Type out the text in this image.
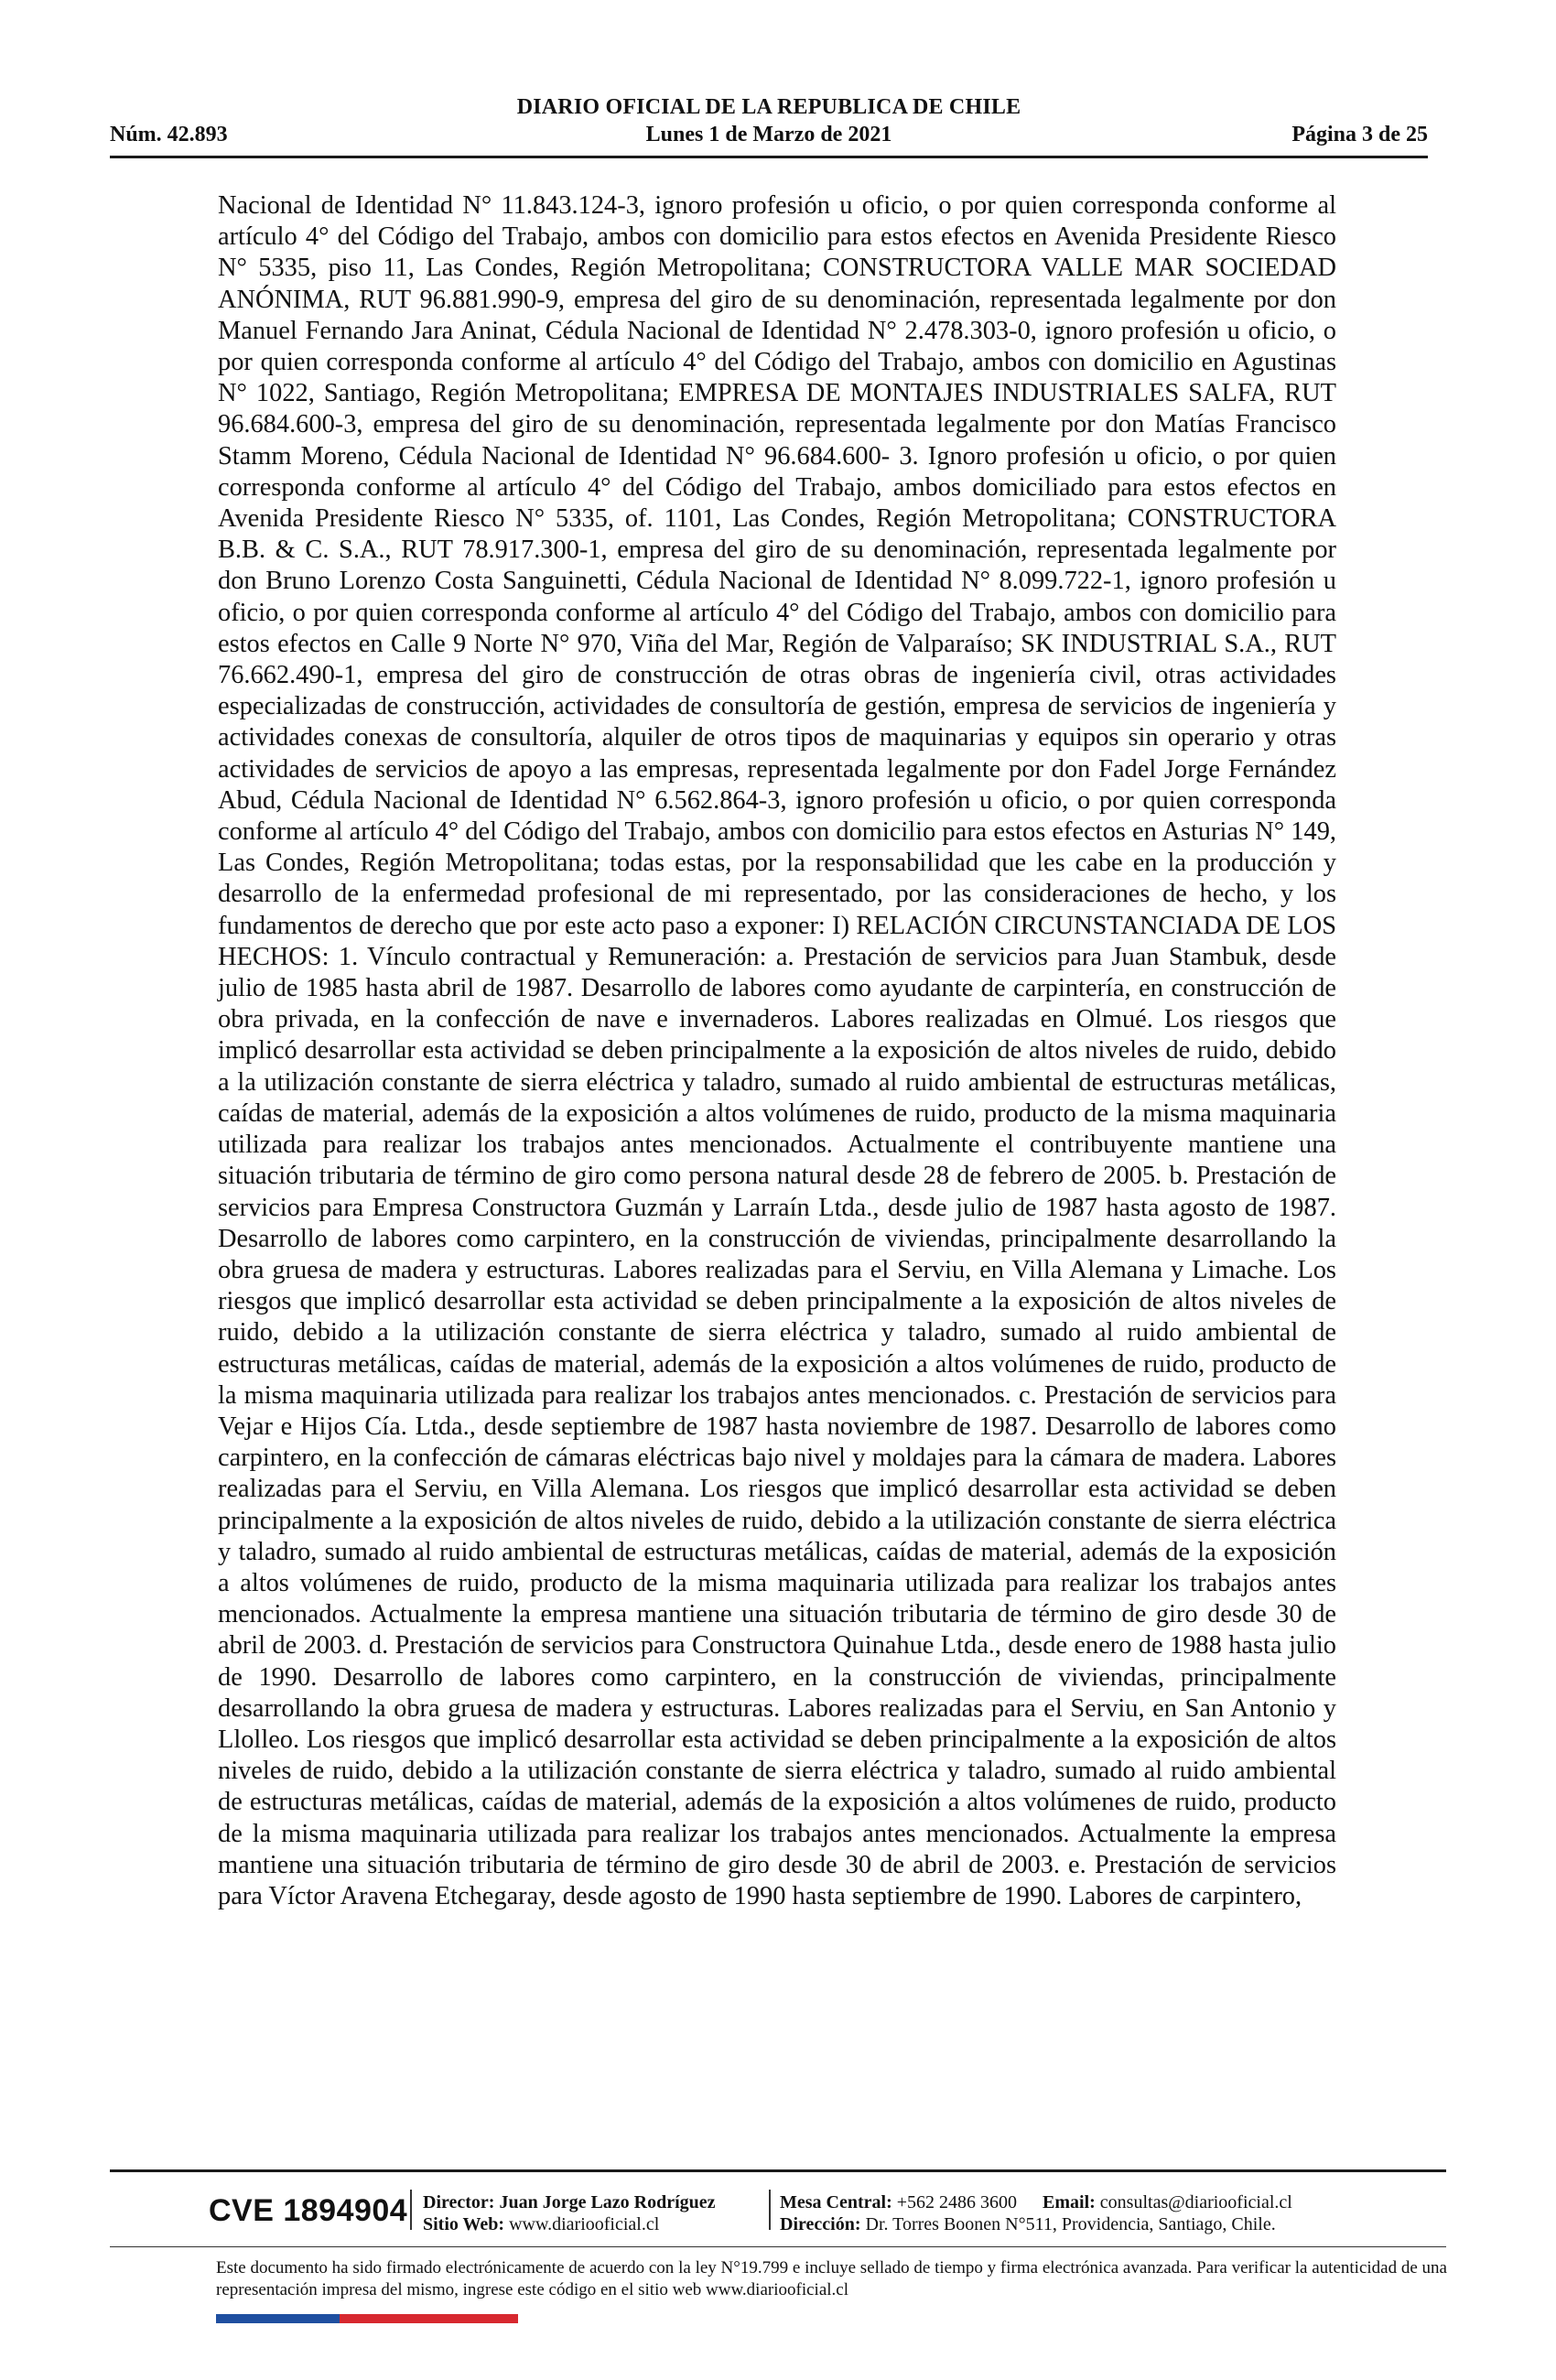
DIARIO OFICIAL DE LA REPUBLICA DE CHILE
Núm. 42.893	Lunes 1 de Marzo de 2021	Página 3 de 25

Nacional de Identidad N° 11.843.124-3, ignoro profesión u oficio, o por quien corresponda conforme al artículo 4° del Código del Trabajo, ambos con domicilio para estos efectos en Avenida Presidente Riesco N° 5335, piso 11, Las Condes, Región Metropolitana; CONSTRUCTORA VALLE MAR SOCIEDAD ANÓNIMA, RUT 96.881.990-9, empresa del giro de su denominación, representada legalmente por don Manuel Fernando Jara Aninat, Cédula Nacional de Identidad N° 2.478.303-0, ignoro profesión u oficio, o por quien corresponda conforme al artículo 4° del Código del Trabajo, ambos con domicilio en Agustinas N° 1022, Santiago, Región Metropolitana; EMPRESA DE MONTAJES INDUSTRIALES SALFA, RUT 96.684.600-3, empresa del giro de su denominación, representada legalmente por don Matías Francisco Stamm Moreno, Cédula Nacional de Identidad N° 96.684.600- 3. Ignoro profesión u oficio, o por quien corresponda conforme al artículo 4° del Código del Trabajo, ambos domiciliado para estos efectos en Avenida Presidente Riesco N° 5335, of. 1101, Las Condes, Región Metropolitana; CONSTRUCTORA B.B. & C. S.A., RUT 78.917.300-1, empresa del giro de su denominación, representada legalmente por don Bruno Lorenzo Costa Sanguinetti, Cédula Nacional de Identidad N° 8.099.722-1, ignoro profesión u oficio, o por quien corresponda conforme al artículo 4° del Código del Trabajo, ambos con domicilio para estos efectos en Calle 9 Norte N° 970, Viña del Mar, Región de Valparaíso; SK INDUSTRIAL S.A., RUT 76.662.490-1, empresa del giro de construcción de otras obras de ingeniería civil, otras actividades especializadas de construcción, actividades de consultoría de gestión, empresa de servicios de ingeniería y actividades conexas de consultoría, alquiler de otros tipos de maquinarias y equipos sin operario y otras actividades de servicios de apoyo a las empresas, representada legalmente por don Fadel Jorge Fernández Abud, Cédula Nacional de Identidad N° 6.562.864-3, ignoro profesión u oficio, o por quien corresponda conforme al artículo 4° del Código del Trabajo, ambos con domicilio para estos efectos en Asturias N° 149, Las Condes, Región Metropolitana; todas estas, por la responsabilidad que les cabe en la producción y desarrollo de la enfermedad profesional de mi representado, por las consideraciones de hecho, y los fundamentos de derecho que por este acto paso a exponer: I) RELACIÓN CIRCUNSTANCIADA DE LOS HECHOS: 1. Vínculo contractual y Remuneración: a. Prestación de servicios para Juan Stambuk, desde julio de 1985 hasta abril de 1987. Desarrollo de labores como ayudante de carpintería, en construcción de obra privada, en la confección de nave e invernaderos. Labores realizadas en Olmué. Los riesgos que implicó desarrollar esta actividad se deben principalmente a la exposición de altos niveles de ruido, debido a la utilización constante de sierra eléctrica y taladro, sumado al ruido ambiental de estructuras metálicas, caídas de material, además de la exposición a altos volúmenes de ruido, producto de la misma maquinaria utilizada para realizar los trabajos antes mencionados. Actualmente el contribuyente mantiene una situación tributaria de término de giro como persona natural desde 28 de febrero de 2005. b. Prestación de servicios para Empresa Constructora Guzmán y Larraín Ltda., desde julio de 1987 hasta agosto de 1987. Desarrollo de labores como carpintero, en la construcción de viviendas, principalmente desarrollando la obra gruesa de madera y estructuras. Labores realizadas para el Serviu, en Villa Alemana y Limache. Los riesgos que implicó desarrollar esta actividad se deben principalmente a la exposición de altos niveles de ruido, debido a la utilización constante de sierra eléctrica y taladro, sumado al ruido ambiental de estructuras metálicas, caídas de material, además de la exposición a altos volúmenes de ruido, producto de la misma maquinaria utilizada para realizar los trabajos antes mencionados. c. Prestación de servicios para Vejar e Hijos Cía. Ltda., desde septiembre de 1987 hasta noviembre de 1987. Desarrollo de labores como carpintero, en la confección de cámaras eléctricas bajo nivel y moldajes para la cámara de madera. Labores realizadas para el Serviu, en Villa Alemana. Los riesgos que implicó desarrollar esta actividad se deben principalmente a la exposición de altos niveles de ruido, debido a la utilización constante de sierra eléctrica y taladro, sumado al ruido ambiental de estructuras metálicas, caídas de material, además de la exposición a altos volúmenes de ruido, producto de la misma maquinaria utilizada para realizar los trabajos antes mencionados. Actualmente la empresa mantiene una situación tributaria de término de giro desde 30 de abril de 2003. d. Prestación de servicios para Constructora Quinahue Ltda., desde enero de 1988 hasta julio de 1990. Desarrollo de labores como carpintero, en la construcción de viviendas, principalmente desarrollando la obra gruesa de madera y estructuras. Labores realizadas para el Serviu, en San Antonio y Llolleo. Los riesgos que implicó desarrollar esta actividad se deben principalmente a la exposición de altos niveles de ruido, debido a la utilización constante de sierra eléctrica y taladro, sumado al ruido ambiental de estructuras metálicas, caídas de material, además de la exposición a altos volúmenes de ruido, producto de la misma maquinaria utilizada para realizar los trabajos antes mencionados. Actualmente la empresa mantiene una situación tributaria de término de giro desde 30 de abril de 2003. e. Prestación de servicios para Víctor Aravena Etchegaray, desde agosto de 1990 hasta septiembre de 1990. Labores de carpintero,

CVE 1894904 Director: Juan Jorge Lazo Rodríguez
Sitio Web: www.diariooficial.cl
Mesa Central: +562 2486 3600 Email: consultas@diariooficial.cl
Dirección: Dr. Torres Boonen N°511, Providencia, Santiago, Chile.
Este documento ha sido firmado electrónicamente de acuerdo con la ley N°19.799 e incluye sellado de tiempo y firma electrónica avanzada. Para verificar la autenticidad de una representación impresa del mismo, ingrese este código en el sitio web www.diariooficial.cl
